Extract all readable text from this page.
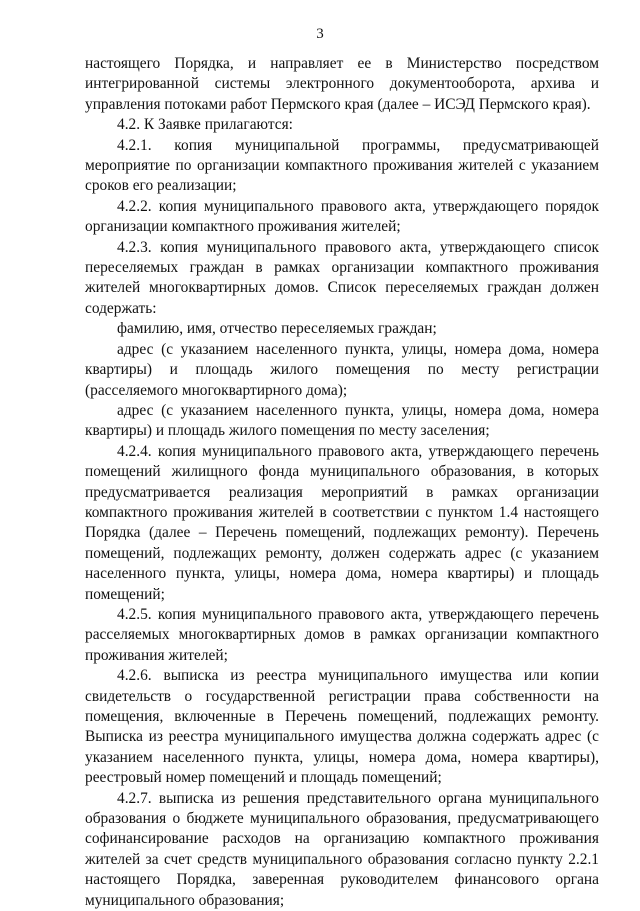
3

настоящего Порядка, и направляет ее в Министерство посредством интегрированной системы электронного документооборота, архива и управления потоками работ Пермского края (далее – ИСЭД Пермского края).

4.2. К Заявке прилагаются:

4.2.1. копия муниципальной программы, предусматривающей мероприятие по организации компактного проживания жителей с указанием сроков его реализации;

4.2.2. копия муниципального правового акта, утверждающего порядок организации компактного проживания жителей;

4.2.3. копия муниципального правового акта, утверждающего список переселяемых граждан в рамках организации компактного проживания жителей многоквартирных домов. Список переселяемых граждан должен содержать:

фамилию, имя, отчество переселяемых граждан;

адрес (с указанием населенного пункта, улицы, номера дома, номера квартиры) и площадь жилого помещения по месту регистрации (расселяемого многоквартирного дома);

адрес (с указанием населенного пункта, улицы, номера дома, номера квартиры) и площадь жилого помещения по месту заселения;

4.2.4. копия муниципального правового акта, утверждающего перечень помещений жилищного фонда муниципального образования, в которых предусматривается реализация мероприятий в рамках организации компактного проживания жителей в соответствии с пунктом 1.4 настоящего Порядка (далее – Перечень помещений, подлежащих ремонту). Перечень помещений, подлежащих ремонту, должен содержать адрес (с указанием населенного пункта, улицы, номера дома, номера квартиры) и площадь помещений;

4.2.5. копия муниципального правового акта, утверждающего перечень расселяемых многоквартирных домов в рамках организации компактного проживания жителей;

4.2.6. выписка из реестра муниципального имущества или копии свидетельств о государственной регистрации права собственности на помещения, включенные в Перечень помещений, подлежащих ремонту. Выписка из реестра муниципального имущества должна содержать адрес (с указанием населенного пункта, улицы, номера дома, номера квартиры), реестровый номер помещений и площадь помещений;

4.2.7. выписка из решения представительного органа муниципального образования о бюджете муниципального образования, предусматривающего софинансирование расходов на организацию компактного проживания жителей за счет средств муниципального образования согласно пункту 2.2.1 настоящего Порядка, заверенная руководителем финансового органа муниципального образования;
